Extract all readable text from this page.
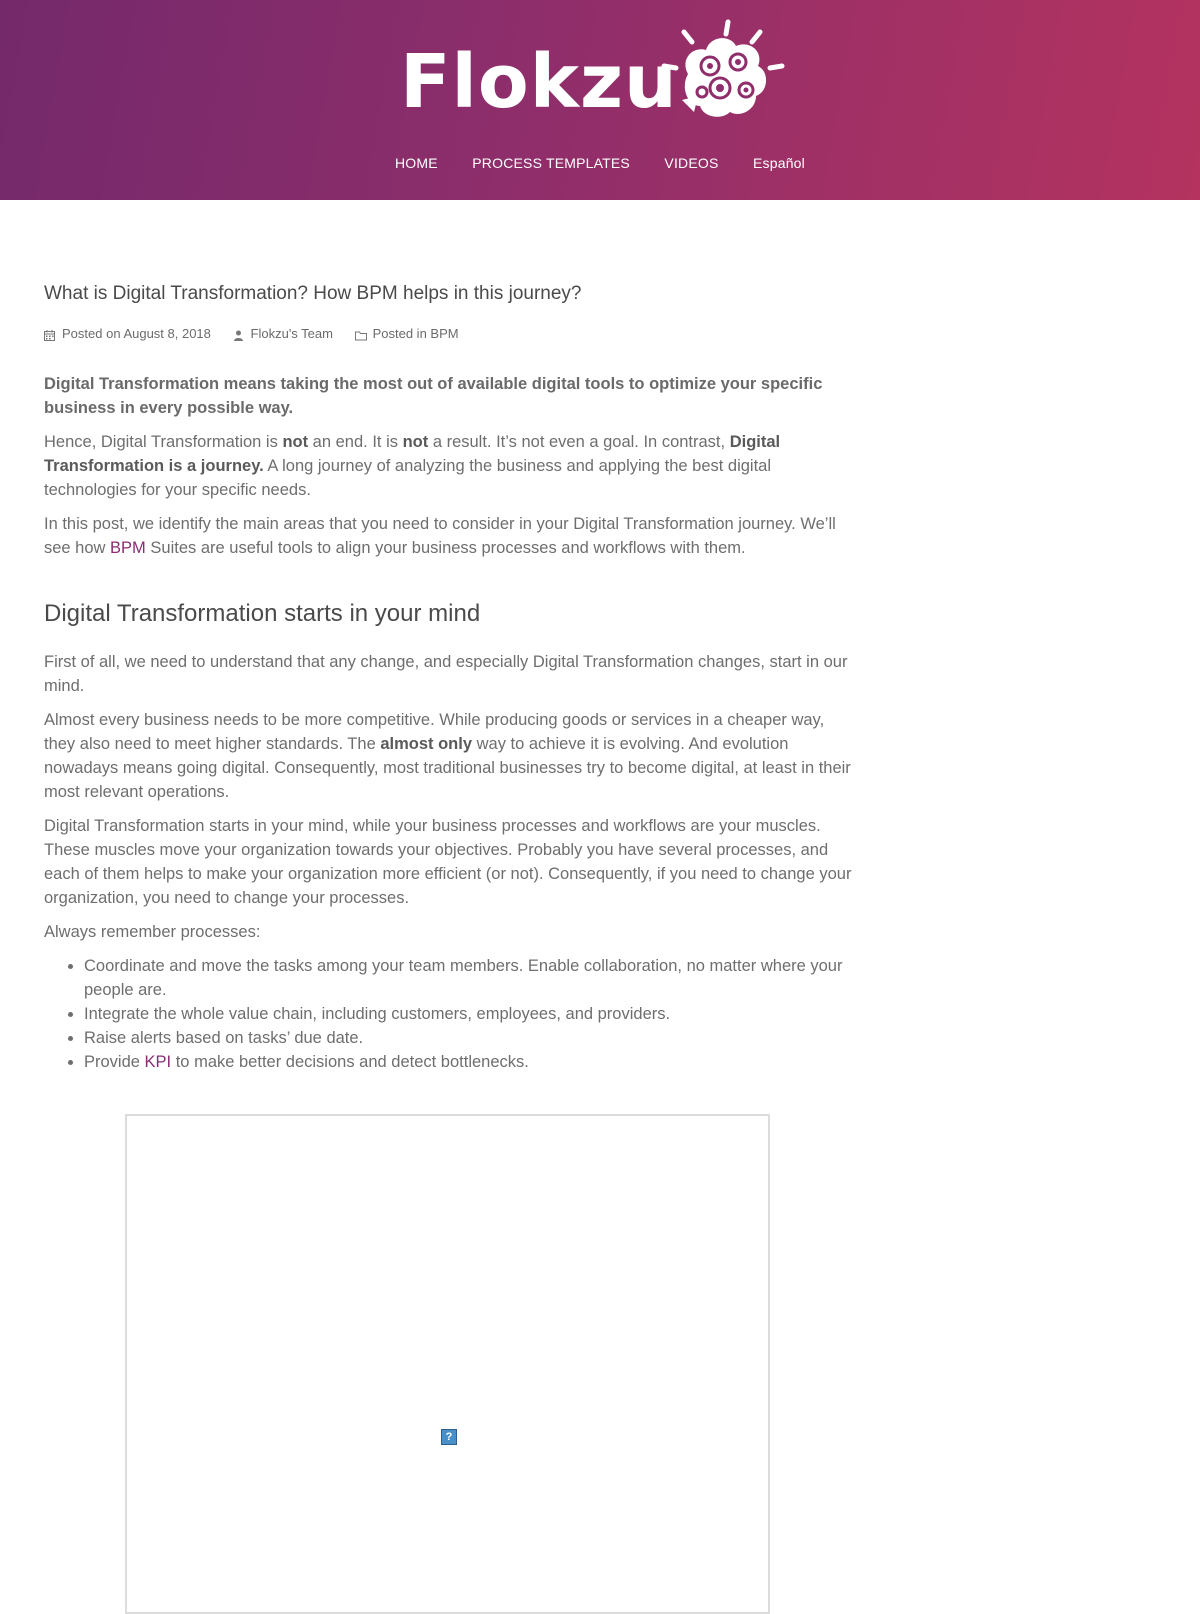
Flokzu
HOME PROCESS TEMPLATES VIDEOS Español
What is Digital Transformation? How BPM helps in this journey?
Posted on August 8, 2018	Flokzu's Team	Posted in BPM

Digital Transformation means taking the most out of available digital tools to optimize your specific business in every possible way.

Hence, Digital Transformation is not an end. It is not a result. It’s not even a goal. In contrast, Digital Transformation is a journey. A long journey of analyzing the business and applying the best digital technologies for your specific needs.

In this post, we identify the main areas that you need to consider in your Digital Transformation journey. We’ll see how BPM Suites are useful tools to align your business processes and workflows with them.

Digital Transformation starts in your mind

First of all, we need to understand that any change, and especially Digital Transformation changes, start in our mind.

Almost every business needs to be more competitive. While producing goods or services in a cheaper way, they also need to meet higher standards. The almost only way to achieve it is evolving. And evolution nowadays means going digital. Consequently, most traditional businesses try to become digital, at least in their most relevant operations.

Digital Transformation starts in your mind, while your business processes and workflows are your muscles. These muscles move your organization towards your objectives. Probably you have several processes, and each of them helps to make your organization more efficient (or not). Consequently, if you need to change your organization, you need to change your processes.

Always remember processes:

• Coordinate and move the tasks among your team members. Enable collaboration, no matter where your people are.
• Integrate the whole value chain, including customers, employees, and providers.
• Raise alerts based on tasks’ due date.
• Provide KPI to make better decisions and detect bottlenecks.
?
